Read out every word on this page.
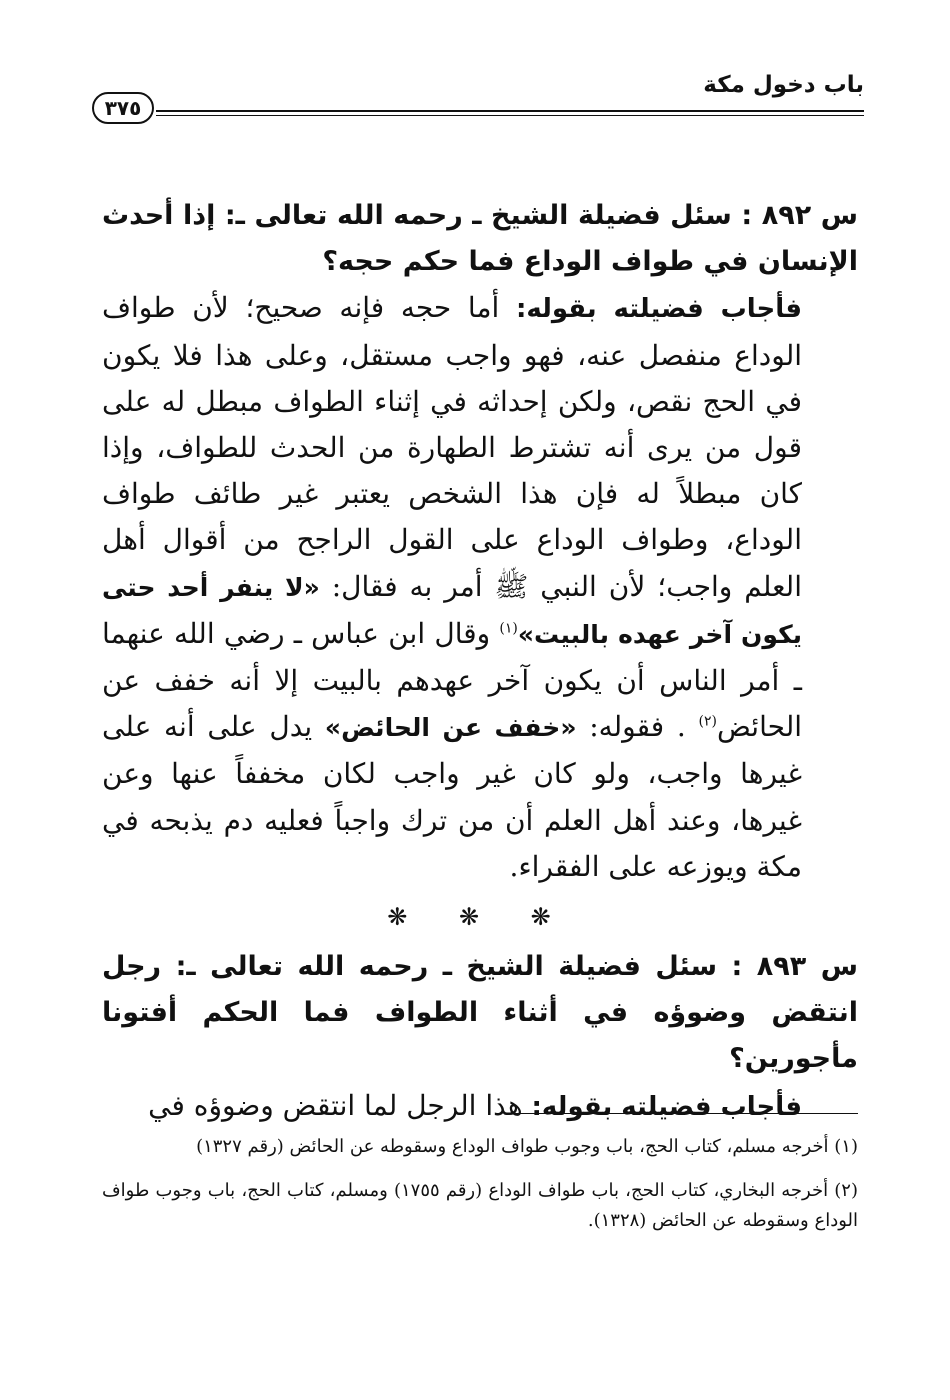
باب دخول مكة
٣٧٥

س ٨٩٢ : سئل فضيلة الشيخ ـ رحمه الله تعالى ـ: إذا أحدث الإنسان في طواف الوداع فما حكم حجه؟

فأجاب فضيلته بقوله: أما حجه فإنه صحيح؛ لأن طواف الوداع منفصل عنه، فهو واجب مستقل، وعلى هذا فلا يكون في الحج نقص، ولكن إحداثه في إثناء الطواف مبطل له على قول من يرى أنه تشترط الطهارة من الحدث للطواف، وإذا كان مبطلاً له فإن هذا الشخص يعتبر غير طائف طواف الوداع، وطواف الوداع على القول الراجح من أقوال أهل العلم واجب؛ لأن النبي ﷺ أمر به فقال: «لا ينفر أحد حتى يكون آخر عهده بالبيت»$^{(١)}$ وقال ابن عباس ـ رضي الله عنهما ـ أمر الناس أن يكون آخر عهدهم بالبيت إلا أنه خفف عن الحائض$^{(٢)}$ . فقوله: «خفف عن الحائض» يدل على أنه على غيرها واجب، ولو كان غير واجب لكان مخففاً عنها وعن غيرها، وعند أهل العلم أن من ترك واجباً فعليه دم يذبحه في مكة ويوزعه على الفقراء.

❋ ❋ ❋

س ٨٩٣ : سئل فضيلة الشيخ ـ رحمه الله تعالى ـ: رجل انتقض وضوؤه في أثناء الطواف فما الحكم أفتونا مأجورين؟

فأجاب فضيلته بقوله: هذا الرجل لما انتقض وضوؤه في

(١) أخرجه مسلم، كتاب الحج، باب وجوب طواف الوداع وسقوطه عن الحائض (رقم ١٣٢٧)

(٢) أخرجه البخاري، كتاب الحج، باب طواف الوداع (رقم ١٧٥٥) ومسلم، كتاب الحج، باب وجوب طواف الوداع وسقوطه عن الحائض (١٣٢٨).
